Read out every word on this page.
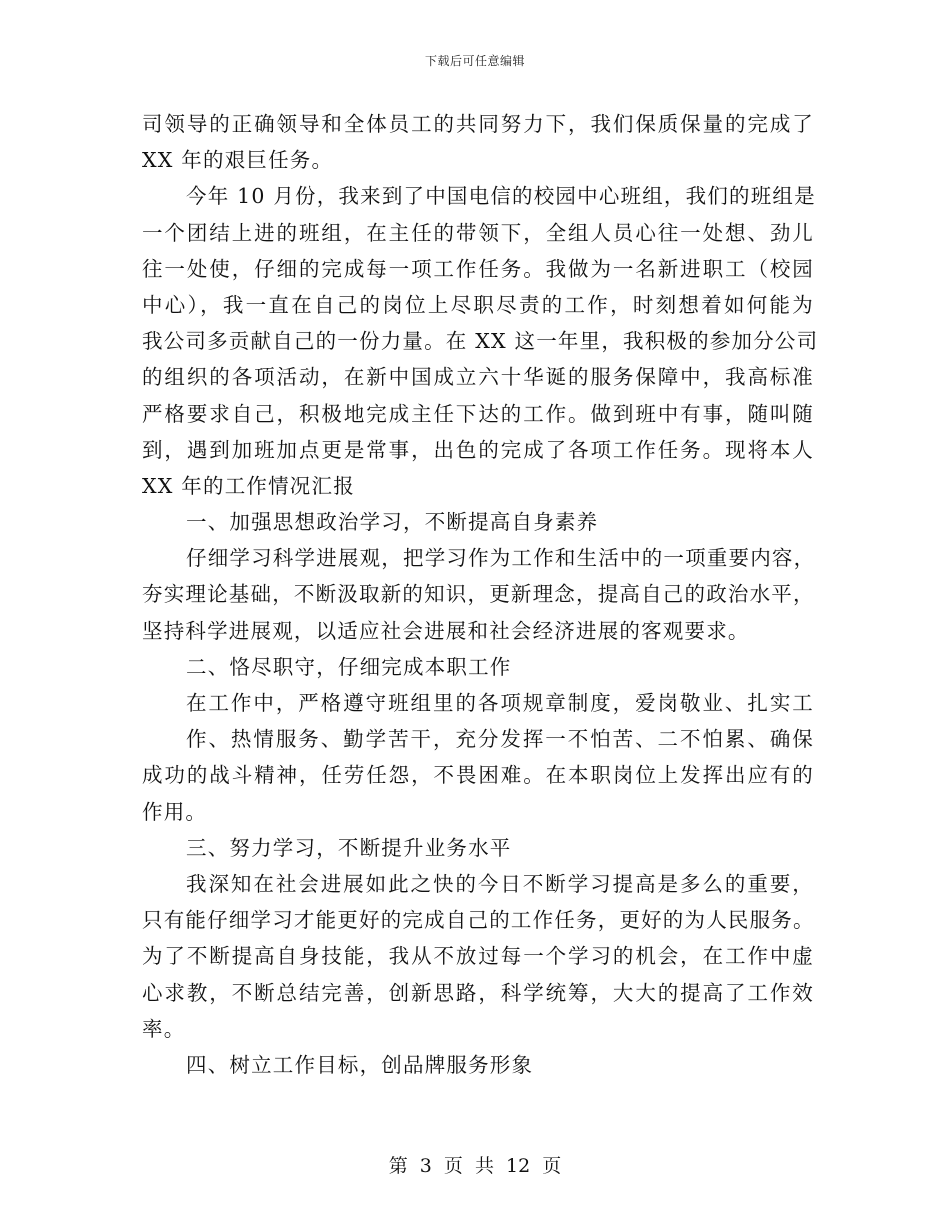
下载后可任意编辑
司领导的正确领导和全体员工的共同努力下，我们保质保量的完成了
XX 年的艰巨任务。
今年 10 月份，我来到了中国电信的校园中心班组，我们的班组是
一个团结上进的班组，在主任的带领下，全组人员心往一处想、劲儿
往一处使，仔细的完成每一项工作任务。我做为一名新进职工（校园
中心），我一直在自己的岗位上尽职尽责的工作，时刻想着如何能为
我公司多贡献自己的一份力量。在 XX 这一年里，我积极的参加分公司
的组织的各项活动，在新中国成立六十华诞的服务保障中，我高标准
严格要求自己，积极地完成主任下达的工作。做到班中有事，随叫随
到，遇到加班加点更是常事，出色的完成了各项工作任务。现将本人
XX 年的工作情况汇报
一、加强思想政治学习，不断提高自身素养
仔细学习科学进展观，把学习作为工作和生活中的一项重要内容，
夯实理论基础，不断汲取新的知识，更新理念，提高自己的政治水平，
坚持科学进展观，以适应社会进展和社会经济进展的客观要求。
二、恪尽职守，仔细完成本职工作
在工作中，严格遵守班组里的各项规章制度，爱岗敬业、扎实工
作、热情服务、勤学苦干，充分发挥一不怕苦、二不怕累、确保
成功的战斗精神，任劳任怨，不畏困难。在本职岗位上发挥出应有的
作用。
三、努力学习，不断提升业务水平
我深知在社会进展如此之快的今日不断学习提高是多么的重要，
只有能仔细学习才能更好的完成自己的工作任务，更好的为人民服务。
为了不断提高自身技能，我从不放过每一个学习的机会，在工作中虚
心求教，不断总结完善，创新思路，科学统筹，大大的提高了工作效
率。
四、树立工作目标，创品牌服务形象
第 3 页 共 12 页
